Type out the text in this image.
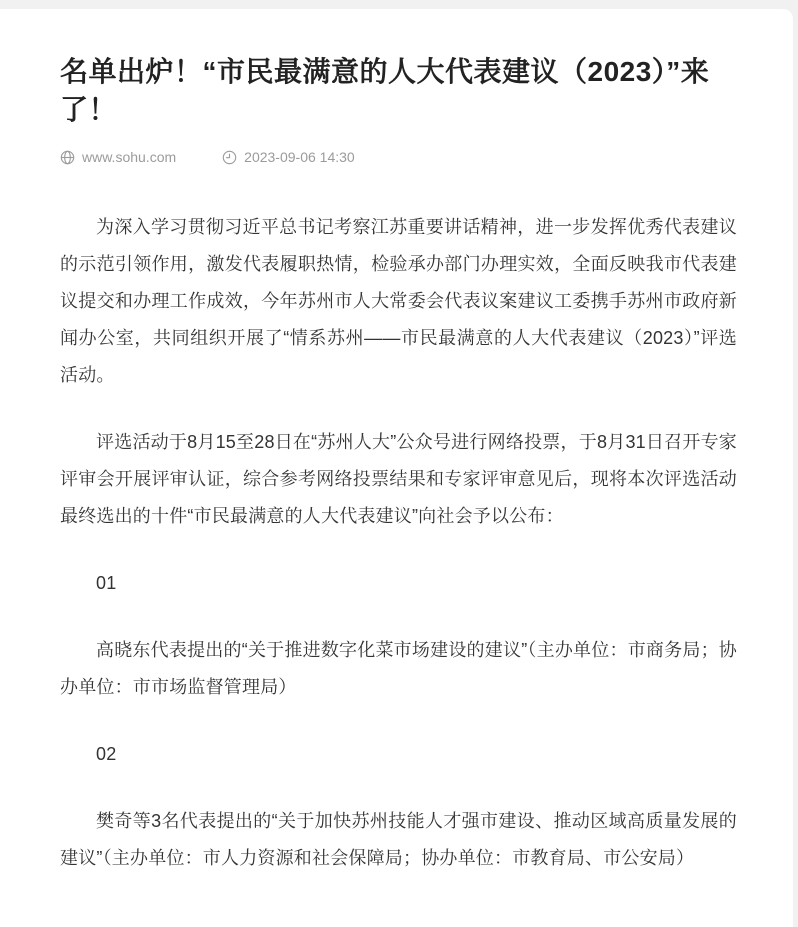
名单出炉！“市民最满意的人大代表建议（2023）”来了！
www.sohu.com	2023-09-06 14:30

为深入学习贯彻习近平总书记考察江苏重要讲话精神，进一步发挥优秀代表建议的示范引领作用，激发代表履职热情，检验承办部门办理实效，全面反映我市代表建议提交和办理工作成效，今年苏州市人大常委会代表议案建议工委携手苏州市政府新闻办公室，共同组织开展了“情系苏州——市民最满意的人大代表建议（2023）”评选活动。

评选活动于8月15至28日在“苏州人大”公众号进行网络投票，于8月31日召开专家评审会开展评审认证，综合参考网络投票结果和专家评审意见后，现将本次评选活动最终选出的十件“市民最满意的人大代表建议”向社会予以公布：

01

高晓东代表提出的“关于推进数字化菜市场建设的建议”（主办单位：市商务局；协办单位：市市场监督管理局）

02

樊奇等3名代表提出的“关于加快苏州技能人才强市建设、推动区域高质量发展的建议”（主办单位：市人力资源和社会保障局；协办单位：市教育局、市公安局）
